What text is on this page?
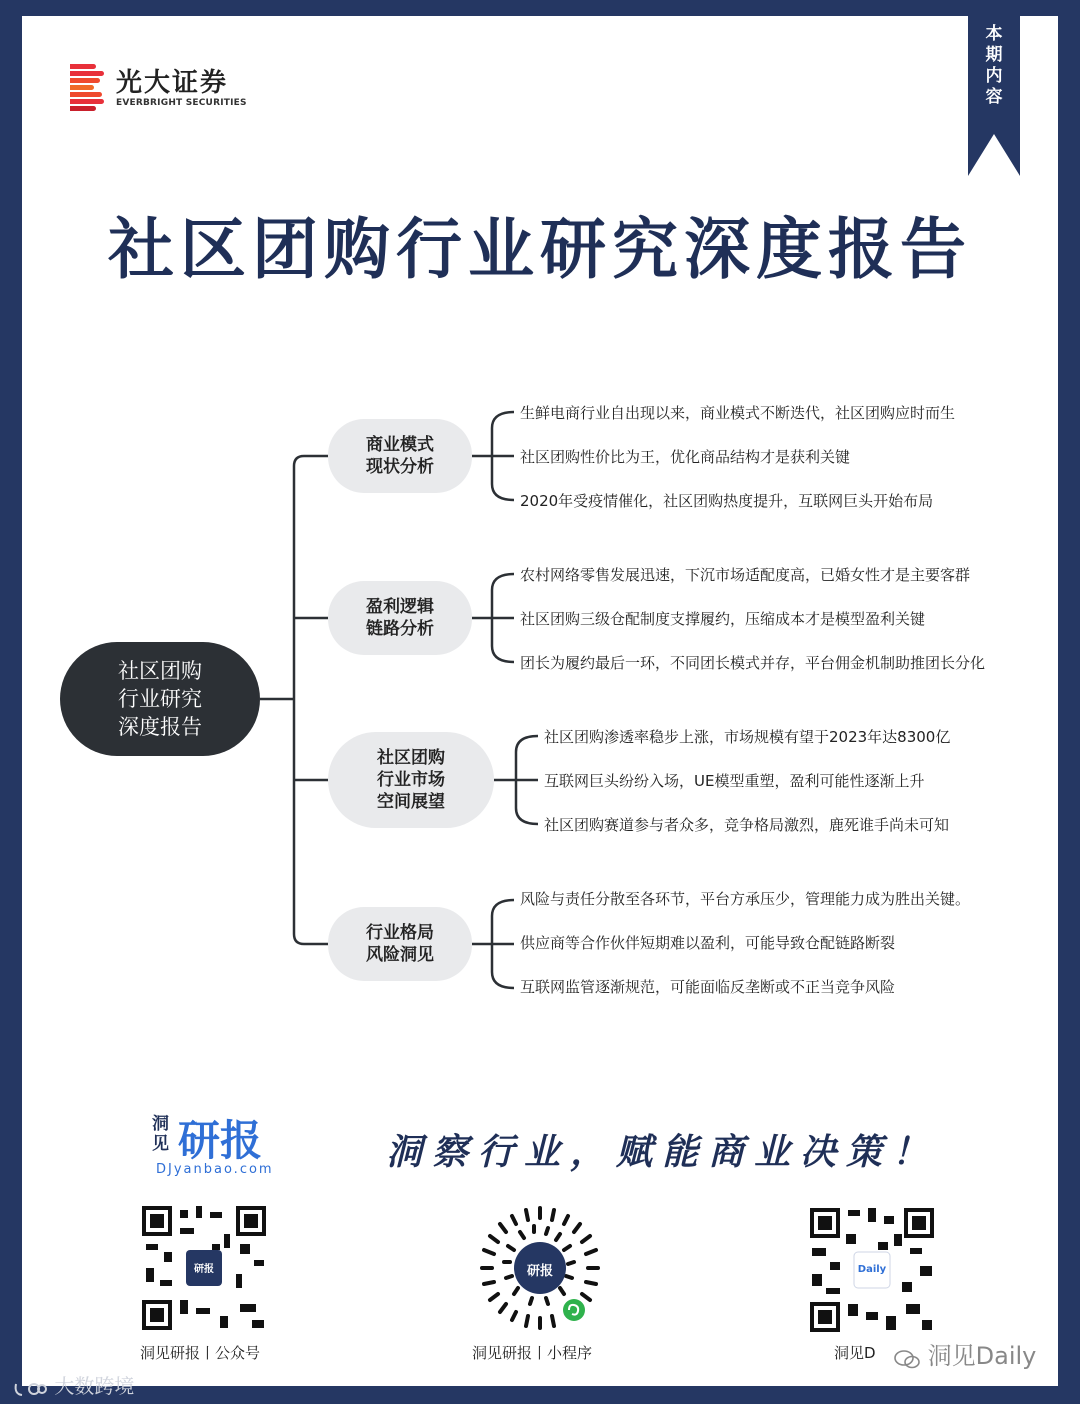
光大证券
EVERBRIGHT SECURITIES
本
期
内
容
社区团购行业研究深度报告
社区团购
行业研究
深度报告
商业模式
现状分析
生鲜电商行业自出现以来，商业模式不断迭代，社区团购应时而生
社区团购性价比为王，优化商品结构才是获利关键
2020年受疫情催化，社区团购热度提升，互联网巨头开始布局
盈利逻辑
链路分析
农村网络零售发展迅速，下沉市场适配度高，已婚女性才是主要客群
社区团购三级仓配制度支撑履约，压缩成本才是模型盈利关键
团长为履约最后一环，不同团长模式并存，平台佣金机制助推团长分化
社区团购
行业市场
空间展望
社区团购渗透率稳步上涨，市场规模有望于2023年达8300亿
互联网巨头纷纷入场，UE模型重塑，盈利可能性逐渐上升
社区团购赛道参与者众多，竞争格局激烈，鹿死谁手尚未可知
行业格局
风险洞见
风险与责任分散至各环节，平台方承压少，管理能力成为胜出关键。
供应商等合作伙伴短期难以盈利，可能导致仓配链路断裂
互联网监管逐渐规范，可能面临反垄断或不正当竞争风险
洞见 研报
DJyanbao.com	洞察行业，赋能商业决策！
研报
洞见研报丨公众号
研报
洞见研报丨小程序
Daily
洞见D	洞见Daily
大数跨境
